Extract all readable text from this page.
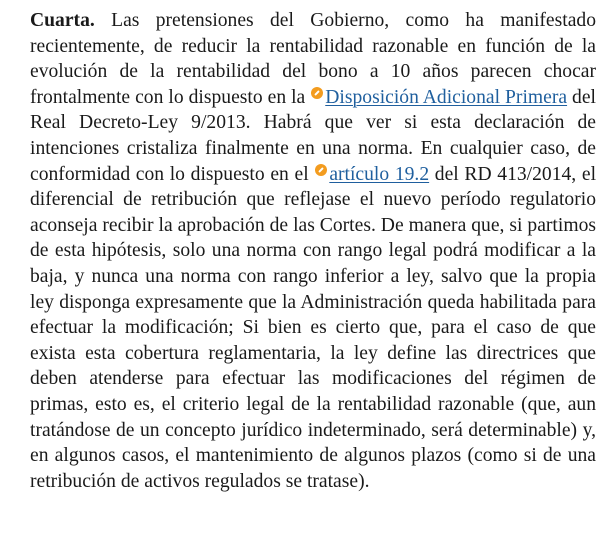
Cuarta. Las pretensiones del Gobierno, como ha manifestado recientemente, de reducir la rentabilidad razonable en función de la evolución de la rentabilidad del bono a 10 años parecen chocar frontalmente con lo dispuesto en la Disposición Adicional Primera del Real Decreto-Ley 9/2013. Habrá que ver si esta declaración de intenciones cristaliza finalmente en una norma. En cualquier caso, de conformidad con lo dispuesto en el artículo 19.2 del RD 413/2014, el diferencial de retribución que reflejase el nuevo período regulatorio aconseja recibir la aprobación de las Cortes. De manera que, si partimos de esta hipótesis, solo una norma con rango legal podrá modificar a la baja, y nunca una norma con rango inferior a ley, salvo que la propia ley disponga expresamente que la Administración queda habilitada para efectuar la modificación; Si bien es cierto que, para el caso de que exista esta cobertura reglamentaria, la ley define las directrices que deben atenderse para efectuar las modificaciones del régimen de primas, esto es, el criterio legal de la rentabilidad razonable (que, aun tratándose de un concepto jurídico indeterminado, será determinable) y, en algunos casos, el mantenimiento de algunos plazos (como si de una retribución de activos regulados se tratase).
